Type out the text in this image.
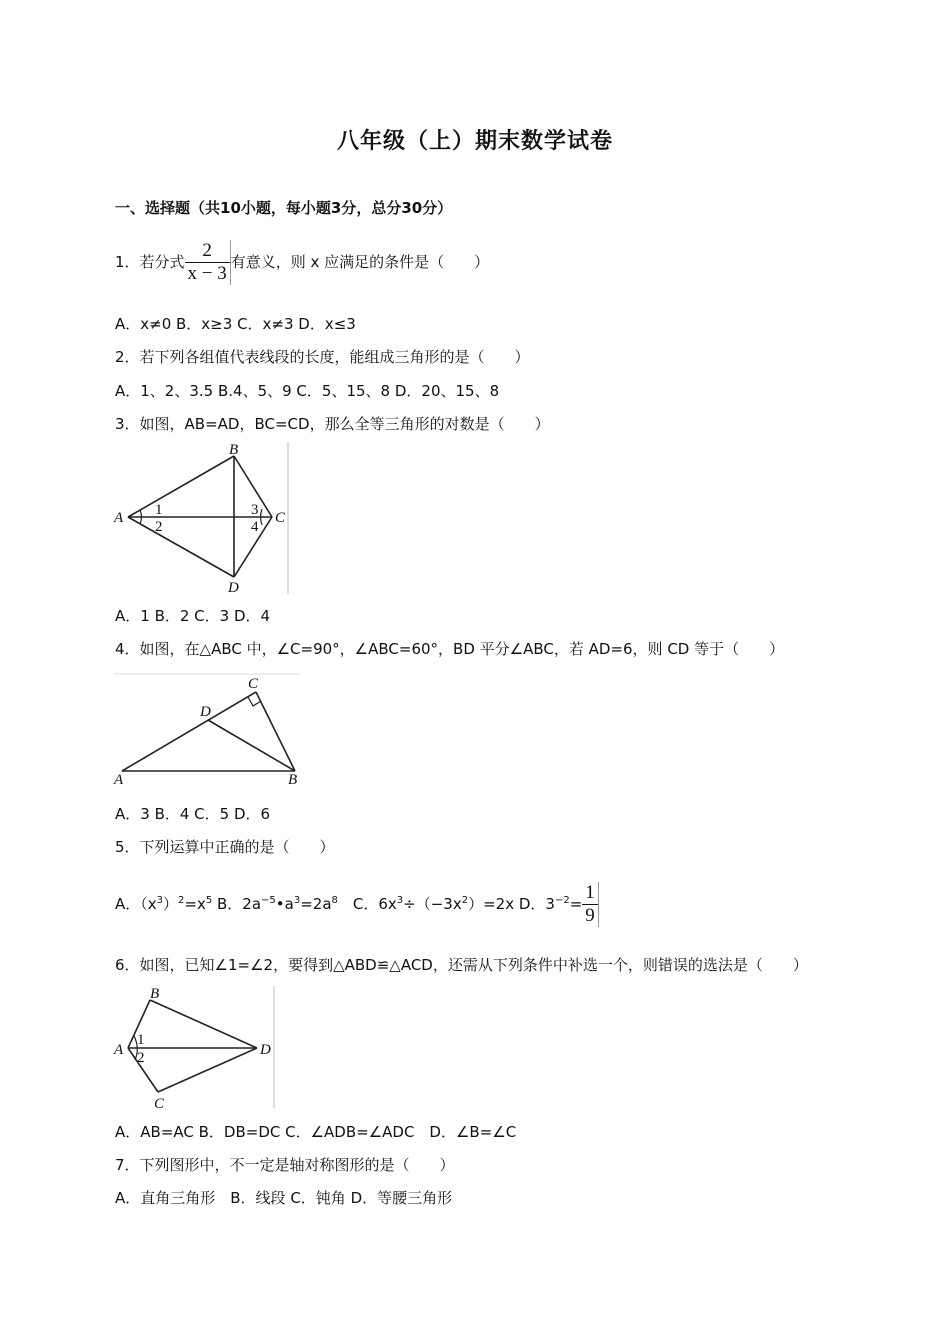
八年级（上）期末数学试卷
一、选择题（共10小题，每小题3分，总分30分）
1．若分式 $\frac{2}{x - 3}$ 有意义，则 x 应满足的条件是（　　）
A．x≠0 B．x≥3 C．x≠3 D．x≤3
2．若下列各组值代表线段的长度，能组成三角形的是（　　）
A．1、2、3.5 B.4、5、9 C．5、15、8 D．20、15、8
3．如图，AB=AD，BC=CD，那么全等三角形的对数是（　　）
A
B
C
D
1
2
3
4
A．1 B．2 C．3 D．4
4．如图，在△ABC 中，∠C=90°，∠ABC=60°，BD 平分∠ABC，若 AD=6，则 CD 等于（　　）
A	B
C
D
A．3 B．4 C．5 D．6
5．下列运算中正确的是（　　）
A．$(x^3)^2=x^5$ B．$2a^{-5}•a^3=2a^8$　C．$6x^3\div(-3x^2)=2x$ D．$3^{-2}= \frac{1}{9}$
6．如图，已知∠1=∠2，要得到△ABD≌△ACD，还需从下列条件中补选一个，则错误的选法是（　　）
A
B
C
D
1
2
A．AB=AC B．DB=DC C．∠ADB=∠ADC　D．∠B=∠C
7．下列图形中，不一定是轴对称图形的是（　　）
A．直角三角形　B．线段 C．钝角 D．等腰三角形
